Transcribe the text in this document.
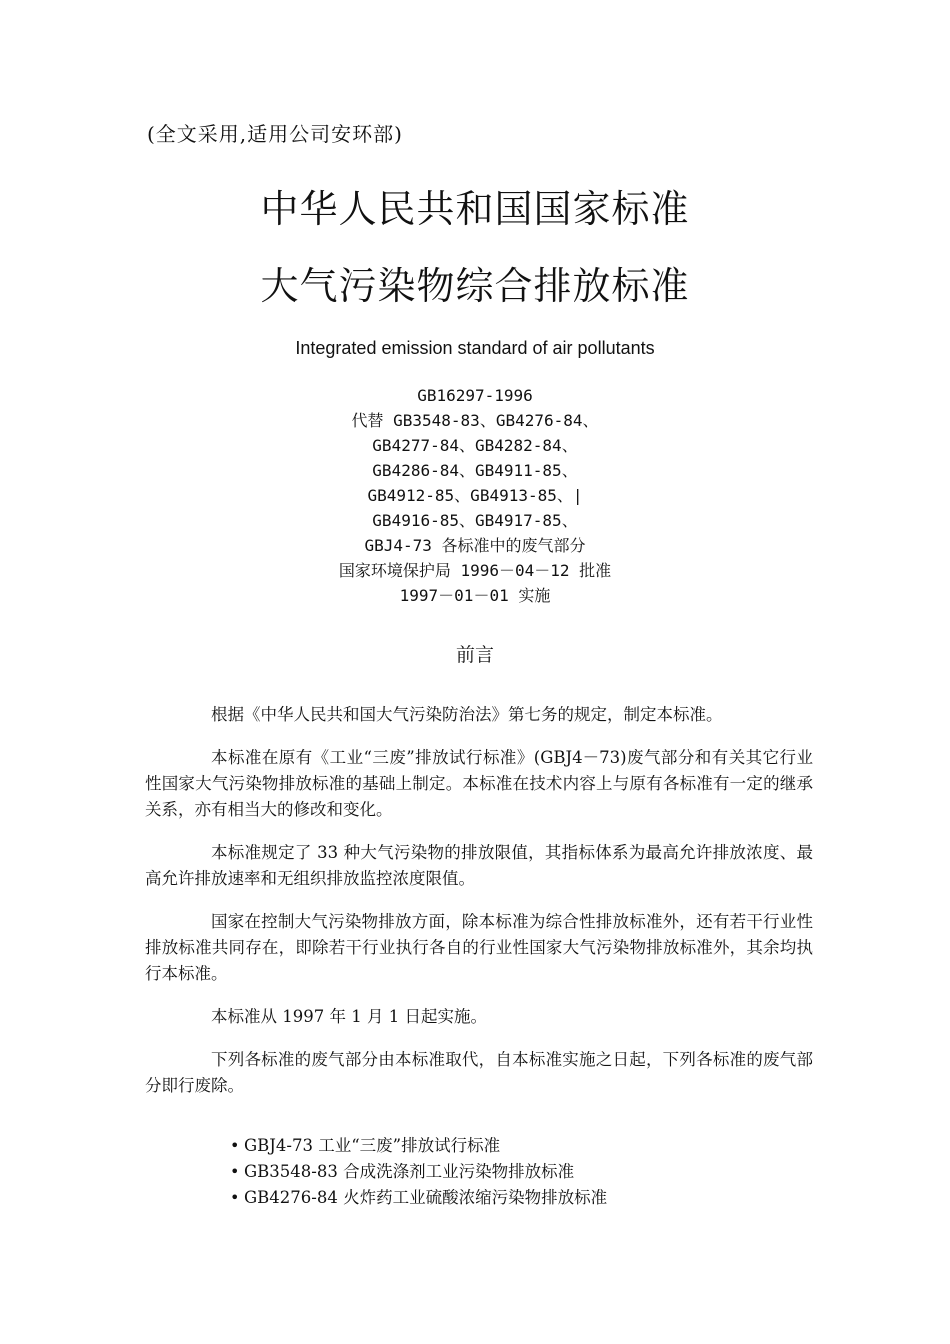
(全文采用,适用公司安环部)
中华人民共和国国家标准
大气污染物综合排放标准
Integrated emission standard of air pollutants
GB16297-1996
代替 GB3548-83、GB4276-84、
GB4277-84、GB4282-84、
GB4286-84、GB4911-85、
GB4912-85、GB4913-85、|
GB4916-85、GB4917-85、
GBJ4-73 各标准中的废气部分
国家环境保护局 1996－04－12 批准
1997－01－01 实施
前言

根据《中华人民共和国大气污染防治法》第七务的规定，制定本标准。

本标准在原有《工业“三废”排放试行标准》(GBJ4－73)废气部分和有关其它行业性国家大气污染物排放标准的基础上制定。本标准在技术内容上与原有各标准有一定的继承关系，亦有相当大的修改和变化。

本标准规定了 33 种大气污染物的排放限值，其指标体系为最高允许排放浓度、最高允许排放速率和无组织排放监控浓度限值。

国家在控制大气污染物排放方面，除本标准为综合性排放标准外，还有若干行业性排放标准共同存在，即除若干行业执行各自的行业性国家大气污染物排放标准外，其余均执行本标准。

本标准从 1997 年 1 月 1 日起实施。

下列各标准的废气部分由本标准取代，自本标准实施之日起，下列各标准的废气部分即行废除。

• GBJ4-73 工业“三废”排放试行标准
• GB3548-83 合成洗涤剂工业污染物排放标准
• GB4276-84 火炸药工业硫酸浓缩污染物排放标准
